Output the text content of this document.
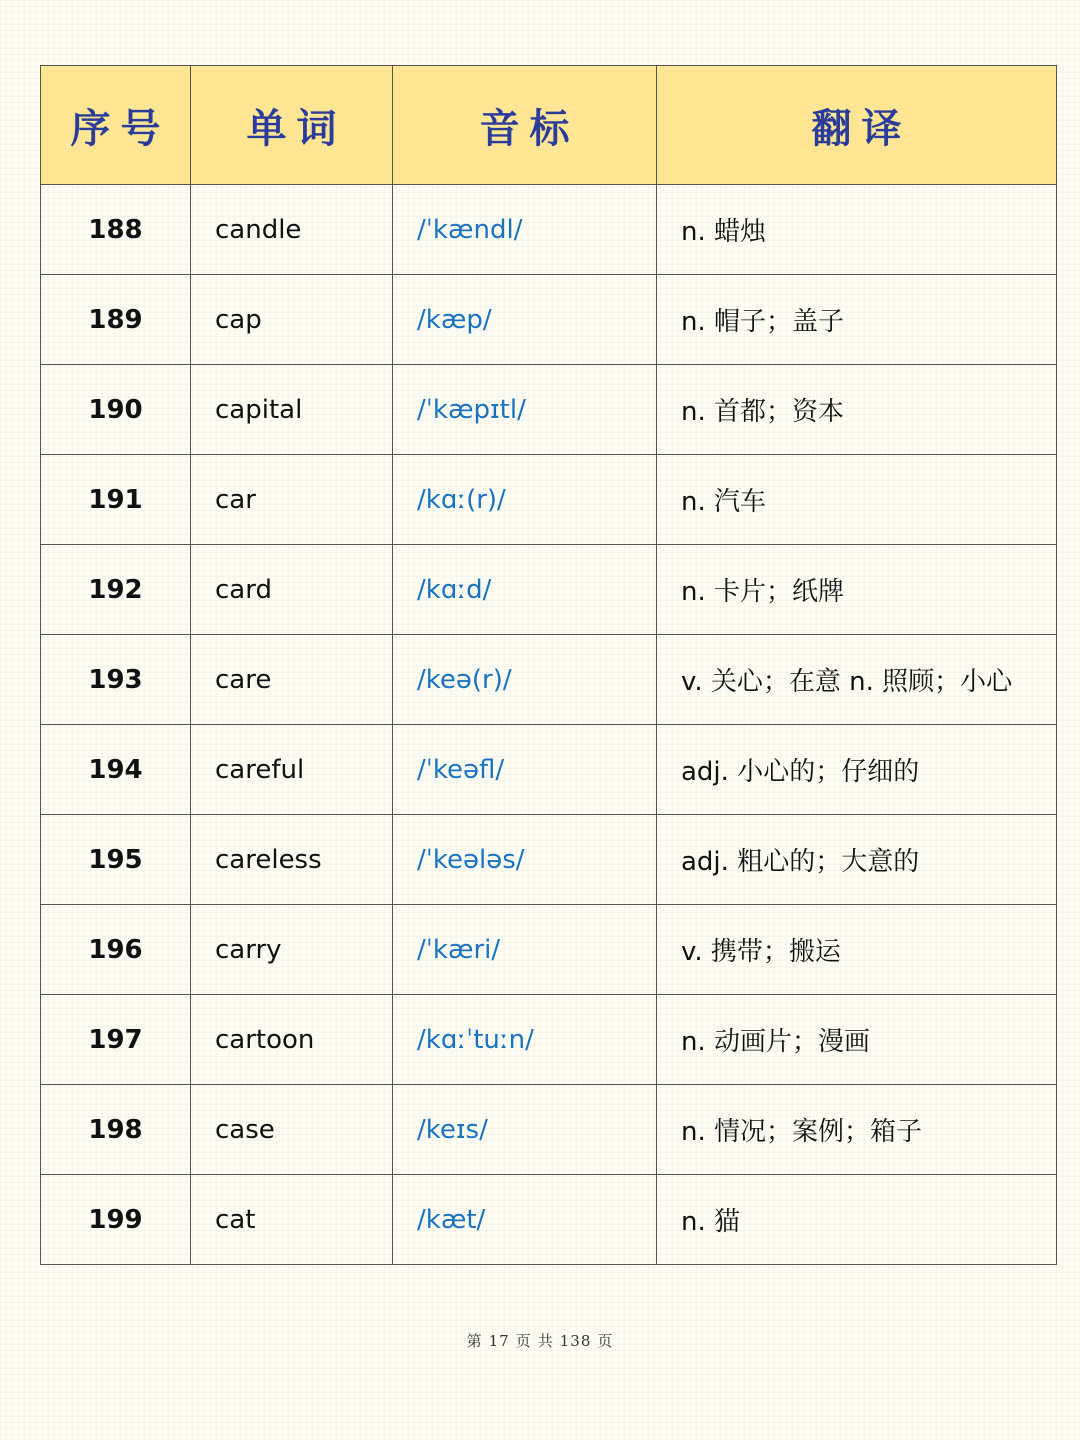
序号	单词	音标	翻译
188	candle	/ˈkændl/	n. 蜡烛
189	cap	/kæp/	n. 帽子；盖子
190	capital	/ˈkæpɪtl/	n. 首都；资本
191	car	/kɑː(r)/	n. 汽车
192	card	/kɑːd/	n. 卡片；纸牌
193	care	/keə(r)/	v. 关心；在意 n. 照顾；小心
194	careful	/ˈkeəfl/	adj. 小心的；仔细的
195	careless	/ˈkeələs/	adj. 粗心的；大意的
196	carry	/ˈkæri/	v. 携带；搬运
197	cartoon	/kɑːˈtuːn/	n. 动画片；漫画
198	case	/keɪs/	n. 情况；案例；箱子
199	cat	/kæt/	n. 猫
第 17 页 共 138 页
